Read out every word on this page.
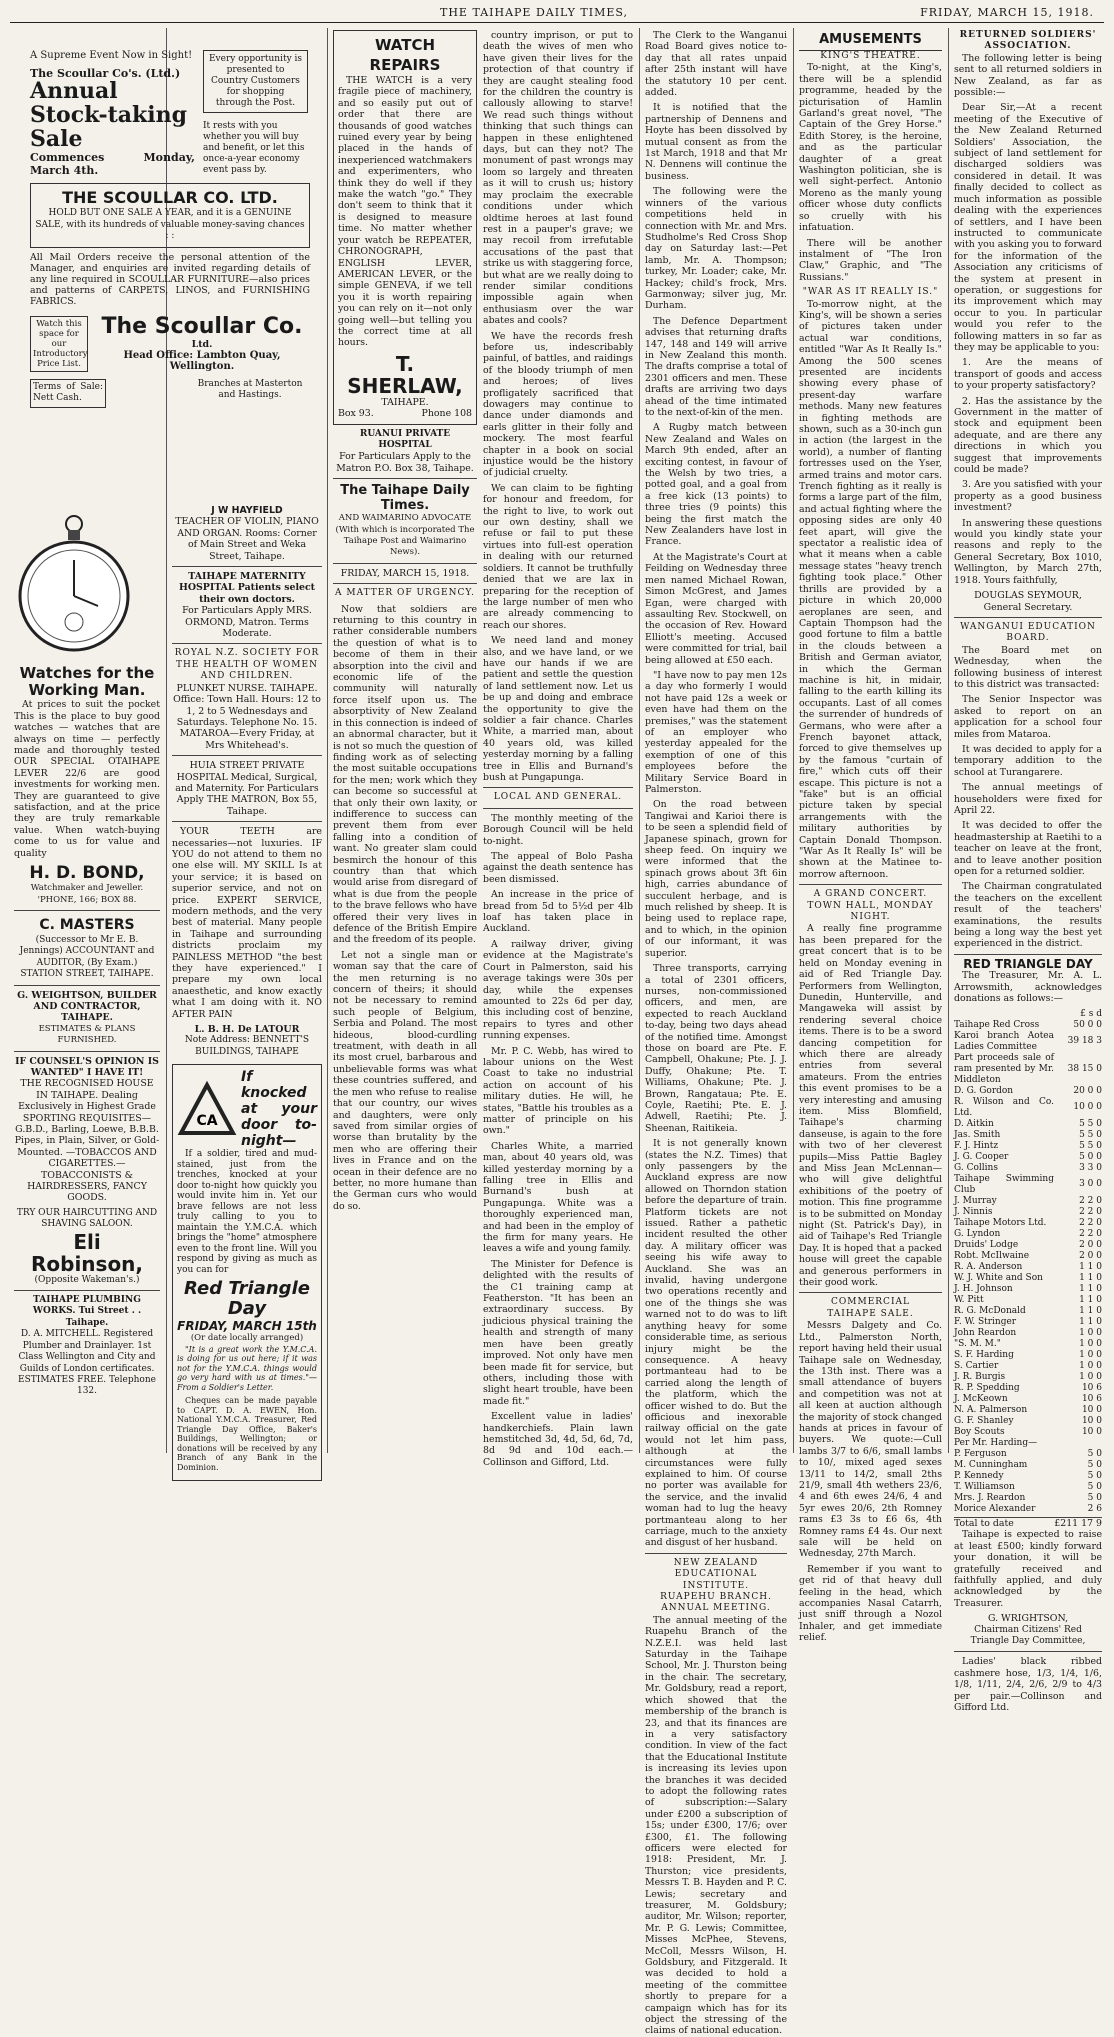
THE TAIHAPE DAILY TIMES,	FRIDAY, MARCH 15, 1918.
A Supreme Event Now in Sight!
The Scoullar Co's. (Ltd.)
Annual
Stock-taking
Sale
Commences Monday, March 4th.
Every opportunity is presented to Country Customers for shopping through the Post.
It rests with you whether you will buy and benefit, or let this once-a-year economy event pass by.
THE SCOULLAR CO. LTD.
HOLD BUT ONE SALE A YEAR, and it is a GENUINE SALE, with its hundreds of valuable money-saving chances : :
All Mail Orders receive the personal attention of the Manager, and enquiries are invited regarding details of any line required in SCOULLAR FURNITURE—also prices and patterns of CARPETS, LINOS, and FURNISHING FABRICS.
Watch this space for our Introductory Price List.
The Scoullar Co.
Ltd.
Head Office: Lambton Quay, Wellington.
Terms of Sale: Nett Cash.
Branches at Masterton and Hastings.
Watches for the Working Man.

At prices to suit the pocket This is the place to buy good watches — watches that are always on time — perfectly made and thoroughly tested OUR SPECIAL OTAIHAPE LEVER 22/6 are good investments for working men. They are guaranteed to give satisfaction, and at the price they are truly remarkable value. When watch-buying come to us for value and quality

H. D. BOND,
Watchmaker and Jeweller. 'PHONE, 166; BOX 88.
C. MASTERS
(Successor to Mr E. B. Jennings) ACCOUNTANT and AUDITOR, (By Exam.) STATION STREET, TAIHAPE.
G. WEIGHTSON, BUILDER AND CONTRACTOR, TAIHAPE.
ESTIMATES & PLANS FURNISHED.
IF COUNSEL'S OPINION IS WANTED" I HAVE IT!

THE RECOGNISED HOUSE IN TAIHAPE. Dealing Exclusively in Highest Grade SPORTING REQUISITES— G.B.D., Barling, Loewe, B.B.B. Pipes, in Plain, Silver, or Gold-Mounted. —TOBACCOS AND CIGARETTES.— TOBACCONISTS & HAIRDRESSERS, FANCY GOODS.

TRY OUR HAIRCUTTING AND SHAVING SALOON.
Eli Robinson,
(Opposite Wakeman's.)
TAIHAPE PLUMBING WORKS. Tui Street . . Taihape.
D. A. MITCHELL. Registered Plumber and Drainlayer. 1st Class Wellington and City and Guilds of London certificates. ESTIMATES FREE. Telephone 132.
J W HAYFIELD

TEACHER OF VIOLIN, PIANO AND ORGAN. Rooms: Corner of Main Street and Weka Street, Taihape.

TAIHAPE MATERNITY HOSPITAL Patients select their own doctors.

For Particulars Apply MRS. ORMOND, Matron. Terms Moderate.

ROYAL N.Z. SOCIETY FOR THE HEALTH OF WOMEN AND CHILDREN.

PLUNKET NURSE. TAIHAPE. Office: Town Hall. Hours: 12 to 1, 2 to 5 Wednesdays and Saturdays. Telephone No. 15. MATAROA—Every Friday, at Mrs Whitehead's.

HUIA STREET PRIVATE HOSPITAL Medical, Surgical, and Maternity. For Particulars Apply THE MATRON, Box 55, Taihape.

YOUR TEETH are necessaries—not luxuries. IF YOU do not attend to them no one else will. MY SKILL Is at your service; it is based on superior service, and not on price. EXPERT SERVICE, modern methods, and the very best of material. Many people in Taihape and surrounding districts proclaim my PAINLESS METHOD "the best they have experienced." I prepare my own local anaesthetic, and know exactly what I am doing with it. NO AFTER PAIN

L. B. H. De LATOUR
Note Address: BENNETT'S BUILDINGS, TAIHAPE
CA
If knocked at your door to-night—

If a soldier, tired and mud-stained, just from the trenches, knocked at your door to-night how quickly you would invite him in. Yet our brave fellows are not less truly calling to you to maintain the Y.M.C.A. which brings the "home" atmosphere even to the front line. Will you respond by giving as much as you can for

Red Triangle Day
FRIDAY, MARCH 15th
(Or date locally arranged)

"It is a great work the Y.M.C.A. is doing for us out here; if it was not for the Y.M.C.A. things would go very hard with us at times."—From a Soldier's Letter.

Cheques can be made payable to CAPT. D. A. EWEN, Hon. National Y.M.C.A. Treasurer, Red Triangle Day Office, Baker's Buildings, Wellington; or donations will be received by any Branch of any Bank in the Dominion.

WATCH REPAIRS

THE WATCH is a very fragile piece of machinery, and so easily put out of order that there are thousands of good watches ruined every year by being placed in the hands of inexperienced watchmakers and experimenters, who think they do well if they make the watch "go." They don't seem to think that it is designed to measure time. No matter whether your watch be REPEATER, CHRONOGRAPH, ENGLISH LEVER, AMERICAN LEVER, or the simple GENEVA, if we tell you it is worth repairing you can rely on it—not only going well—but telling you the correct time at all hours.

T. SHERLAW,
TAIHAPE.
Box 93.	Phone 108
RUANUI PRIVATE HOSPITAL

For Particulars Apply to the Matron P.O. Box 38, Taihape.

The Taihape Daily Times.

AND WAIMARINO ADVOCATE (With which is incorporated The Taihape Post and Waimarino News).

FRIDAY, MARCH 15, 1918.
A MATTER OF URGENCY.

Now that soldiers are returning to this country in rather considerable numbers the question of what is to become of them in their absorption into the civil and economic life of the community will naturally force itself upon us. The absorptivity of New Zealand in this connection is indeed of an abnormal character, but it is not so much the question of finding work as of selecting the most suitable occupations for the men; work which they can become so successful at that only their own laxity, or indifference to success can prevent them from ever falling into a condition of want. No greater slam could besmirch the honour of this country than that which would arise from disregard of what is due from the people to the brave fellows who have offered their very lives in defence of the British Empire and the freedom of its people.

Let not a single man or woman say that the care of the men returning is no concern of theirs; it should not be necessary to remind such people of Belgium, Serbia and Poland. The most hideous, blood-curdling treatment, with death in all its most cruel, barbarous and unbelievable forms was what these countries suffered, and the men who refuse to realise that our country, our wives and daughters, were only saved from similar orgies of worse than brutality by the men who are offering their lives in France and on the ocean in their defence are no better, no more humane than the German curs who would do so.

country imprison, or put to death the wives of men who have given their lives for the protection of that country if they are caught stealing food for the children the country is callously allowing to starve! We read such things without thinking that such things can happen in these enlightened days, but can they not? The monument of past wrongs may loom so largely and threaten as it will to crush us; history may proclaim the execrable conditions under which oldtime heroes at last found rest in a pauper's grave; we may recoil from irrefutable accusations of the past that strike us with staggering force, but what are we really doing to render similar conditions impossible again when enthusiasm over the war abates and cools?

We have the records fresh before us, indescribably painful, of battles, and raidings of the bloody triumph of men and heroes; of lives profligately sacrificed that dowagers may continue to dance under diamonds and earls glitter in their folly and mockery. The most fearful chapter in a book on social injustice would be the history of judicial cruelty.

We can claim to be fighting for honour and freedom, for the right to live, to work out our own destiny, shall we refuse or fail to put these virtues into full-est operation in dealing with our returned soldiers. It cannot be truthfully denied that we are lax in preparing for the reception of the large number of men who are already commencing to reach our shores.

We need land and money also, and we have land, or we have our hands if we are patient and settle the question of land settlement now. Let us be up and doing and embrace the opportunity to give the soldier a fair chance. Charles White, a married man, about 40 years old, was killed yesterday morning by a falling tree in Ellis and Burnand's bush at Pungapunga.

LOCAL AND GENERAL.

The monthly meeting of the Borough Council will be held to-night.

The appeal of Bolo Pasha against the death sentence has been dismissed.

An increase in the price of bread from 5d to 5½d per 4lb loaf has taken place in Auckland.

A railway driver, giving evidence at the Magistrate's Court in Palmerston, said his average takings were 30s per day, while the expenses amounted to 22s 6d per day, this including cost of benzine, repairs to tyres and other running expenses.

Mr. P. C. Webb, has wired to labour unions on the West Coast to take no industrial action on account of his military duties. He will, he states, "Battle his troubles as a matter of principle on his own."

Charles White, a married man, about 40 years old, was killed yesterday morning by a falling tree in Ellis and Burnand's bush at Pungapunga. White was a thoroughly experienced man, and had been in the employ of the firm for many years. He leaves a wife and young family.

The Minister for Defence is delighted with the results of the C1 training camp at Featherston. "It has been an extraordinary success. By judicious physical training the health and strength of many men have been greatly improved. Not only have men been made fit for service, but others, including those with slight heart trouble, have been made fit."

Excellent value in ladies' handkerchiefs. Plain lawn hemstitched 3d, 4d, 5d, 6d, 7d, 8d 9d and 10d each.—Collinson and Gifford, Ltd.

The Clerk to the Wanganui Road Board gives notice to-day that all rates unpaid after 25th instant will have the statutory 10 per cent. added.

It is notified that the partnership of Dennens and Hoyte has been dissolved by mutual consent as from the 1st March, 1918 and that Mr N. Dennens will continue the business.

The following were the winners of the various competitions held in connection with Mr. and Mrs. Studholme's Red Cross Shop day on Saturday last:—Pet lamb, Mr. A. Thompson; turkey, Mr. Loader; cake, Mr. Hackey; child's frock, Mrs. Garmonway; silver jug, Mr. Durham.

The Defence Department advises that returning drafts 147, 148 and 149 will arrive in New Zealand this month. The drafts comprise a total of 2301 officers and men. These drafts are arriving two days ahead of the time intimated to the next-of-kin of the men.

A Rugby match between New Zealand and Wales on March 9th ended, after an exciting contest, in favour of the Welsh by two tries, a potted goal, and a goal from a free kick (13 points) to three tries (9 points) this being the first match the New Zealanders have lost in France.

At the Magistrate's Court at Feilding on Wednesday three men named Michael Rowan, Simon McGrest, and James Egan, were charged with assaulting Rev. Stockwell, on the occasion of Rev. Howard Elliott's meeting. Accused were committed for trial, bail being allowed at £50 each.

"I have now to pay men 12s a day who formerly I would not have paid 12s a week or even have had them on the premises," was the statement of an employer who yesterday appealed for the exemption of one of this employees before the Military Service Board in Palmerston.

On the road between Tangiwai and Karioi there is to be seen a splendid field of Japanese spinach, grown for sheep feed. On inquiry we were informed that the spinach grows about 3ft 6in high, carries abundance of succulent herbage, and is much relished by sheep. It is being used to replace rape, and to which, in the opinion of our informant, it was superior.

Three transports, carrying a total of 2301 officers, nurses, non-commissioned officers, and men, are expected to reach Auckland to-day, being two days ahead of the notified time. Amongst those on board are Pte. F. Campbell, Ohakune; Pte. J. J. Duffy, Ohakune; Pte. T. Williams, Ohakune; Pte. J. Brown, Rangataua; Pte. E. Coyle, Raetihi; Pte. E. J. Adwell, Raetihi; Pte. J. Sheenan, Raitikeia.

It is not generally known (states the N.Z. Times) that only passengers by the Auckland express are now allowed on Thorndon station before the departure of train. Platform tickets are not issued. Rather a pathetic incident resulted the other day. A military officer was seeing his wife away to Auckland. She was an invalid, having undergone two operations recently and one of the things she was warned not to do was to lift anything heavy for some considerable time, as serious injury might be the consequence. A heavy portmanteau had to be carried along the length of the platform, which the officer wished to do. But the officious and inexorable railway official on the gate would not let him pass, although at the circumstances were fully explained to him. Of course no porter was available for the service, and the invalid woman had to lug the heavy portmanteau along to her carriage, much to the anxiety and disgust of her husband.

NEW ZEALAND EDUCATIONAL INSTITUTE.
RUAPEHU BRANCH.
ANNUAL MEETING.

The annual meeting of the Ruapehu Branch of the N.Z.E.I. was held last Saturday in the Taihape School, Mr. J. Thurston being in the chair. The secretary, Mr. Goldsbury, read a report, which showed that the membership of the branch is 23, and that its finances are in a very satisfactory condition. In view of the fact that the Educational Institute is increasing its levies upon the branches it was decided to adopt the following rates of subscription:—Salary under £200 a subscription of 15s; under £300, 17/6; over £300, £1. The following officers were elected for 1918: President, Mr. J. Thurston; vice presidents, Messrs T. B. Hayden and P. C. Lewis; secretary and treasurer, M. Goldsbury; auditor, Mr. Wilson; reporter, Mr. P. G. Lewis; Committee, Misses McPhee, Stevens, McColl, Messrs Wilson, H. Goldsbury, and Fitzgerald. It was decided to hold a meeting of the committee shortly to prepare for a campaign which has for its object the stressing of the claims of national education.

AMUSEMENTS
KING'S THEATRE.

To-night, at the King's, there will be a splendid programme, headed by the picturisation of Hamlin Garland's great novel, "The Captain of the Grey Horse." Edith Storey, is the heroine, and as the particular daughter of a great Washington politician, she is well sight-perfect. Antonio Moreno as the manly young officer whose duty conflicts so cruelly with his infatuation.

There will be another instalment of "The Iron Claw," Graphic, and "The Russians."

"WAR AS IT REALLY IS."

To-morrow night, at the King's, will be shown a series of pictures taken under actual war conditions, entitled "War As It Really Is." Among the 500 scenes presented are incidents showing every phase of present-day warfare methods. Many new features in fighting methods are shown, such as a 30-inch gun in action (the largest in the world), a number of flanting fortresses used on the Yser, armed trains and motor cars. Trench fighting as it really is forms a large part of the film, and actual fighting where the opposing sides are only 40 feet apart, will give the spectator a realistic idea of what it means when a cable message states "heavy trench fighting took place." Other thrills are provided by a picture in which 20,000 aeroplanes are seen, and Captain Thompson had the good fortune to film a battle in the clouds between a British and German aviator, in which the German machine is hit, in midair, falling to the earth killing its occupants. Last of all comes the surrender of hundreds of Germans, who were after a French bayonet attack, forced to give themselves up by the famous "curtain of fire," which cuts off their escape. This picture is not a "fake" but is an official picture taken by special arrangements with the military authorities by Captain Donald Thompson. "War As It Really Is" will be shown at the Matinee to-morrow afternoon.

A GRAND CONCERT.
TOWN HALL, MONDAY NIGHT.

A really fine programme has been prepared for the great concert that is to be held on Monday evening in aid of Red Triangle Day. Performers from Wellington, Dunedin, Hunterville, and Mangaweka will assist by rendering several choice items. There is to be a sword dancing competition for which there are already entries from several amateurs. From the entries this event promises to be a very interesting and amusing item. Miss Blomfield, Taihape's charming danseuse, is again to the fore with two of her cleverest pupils—Miss Pattie Bagley and Miss Jean McLennan—who will give delightful exhibitions of the poetry of motion. This fine programme is to be submitted on Monday night (St. Patrick's Day), in aid of Taihape's Red Triangle Day. It is hoped that a packed house will greet the capable and generous performers in their good work.

COMMERCIAL
TAIHAPE SALE.

Messrs Dalgety and Co. Ltd., Palmerston North, report having held their usual Taihape sale on Wednesday, the 13th inst. There was a small attendance of buyers and competition was not at all keen at auction although the majority of stock changed hands at prices in favour of buyers. We quote:—Cull lambs 3/7 to 6/6, small lambs to 10/, mixed aged sexes 13/11 to 14/2, small 2ths 21/9, small 4th wethers 23/6, 4 and 6th ewes 24/6, 4 and 5yr ewes 20/6, 2th Romney rams £3 3s to £6 6s, 4th Romney rams £4 4s. Our next sale will be held on Wednesday, 27th March.

Remember if you want to get rid of that heavy dull feeling in the head, which accompanies Nasal Catarrh, just sniff through a Nozol Inhaler, and get immediate relief.

RETURNED SOLDIERS' ASSOCIATION.

The following letter is being sent to all returned soldiers in New Zealand, as far as possible:—

Dear Sir,—At a recent meeting of the Executive of the New Zealand Returned Soldiers' Association, the subject of land settlement for discharged soldiers was considered in detail. It was finally decided to collect as much information as possible dealing with the experiences of settlers, and I have been instructed to communicate with you asking you to forward for the information of the Association any criticisms of the system at present in operation, or suggestions for its improvement which may occur to you. In particular would you refer to the following matters in so far as they may be applicable to you:

1. Are the means of transport of goods and access to your property satisfactory?

2. Has the assistance by the Government in the matter of stock and equipment been adequate, and are there any directions in which you suggest that improvements could be made?

3. Are you satisfied with your property as a good business investment?

In answering these questions would you kindly state your reasons and reply to the General Secretary, Box 1010, Wellington, by March 27th, 1918. Yours faithfully,

DOUGLAS SEYMOUR,
General Secretary.
WANGANUI EDUCATION BOARD.

The Board met on Wednesday, when the following business of interest to this district was transacted:

The Senior Inspector was asked to report on an application for a school four miles from Mataroa.

It was decided to apply for a temporary addition to the school at Turangarere.

The annual meetings of householders were fixed for April 22.

It was decided to offer the headmastership at Raetihi to a teacher on leave at the front, and to leave another position open for a returned soldier.

The Chairman congratulated the teachers on the excellent result of the teachers' examinations, the results being a long way the best yet experienced in the district.

RED TRIANGLE DAY

The Treasurer, Mr. A. L. Arrowsmith, acknowledges donations as follows:—

£ s d
Taihape Red Cross	50 0 0
Karoi branch Aotea Ladies Committee	39 18 3
Part proceeds sale of ram presented by Mr. Middleton	38 15 0
D. G. Gordon	20 0 0
R. Wilson and Co. Ltd.	10 0 0
D. Aitkin	5 5 0
Jas. Smith	5 5 0
F. J. Hintz	5 5 0
J. G. Cooper	5 0 0
G. Collins	3 3 0
Taihape Swimming Club	3 0 0
J. Murray	2 2 0
J. Ninnis	2 2 0
Taihape Motors Ltd.	2 2 0
G. Lyndon	2 2 0
Druids' Lodge	2 0 0
Robt. McIlwaine	2 0 0
R. A. Anderson	1 1 0
W. J. White and Son	1 1 0
J. H. Johnson	1 1 0
W. Pitt	1 1 0
R. G. McDonald	1 1 0
F. W. Stringer	1 1 0
John Reardon	1 0 0
"S. M. M."	1 0 0
S. F. Harding	1 0 0
S. Cartier	1 0 0
J. R. Burgis	1 0 0
R. P. Spedding	10 6
J. McKeown	10 6
N. A. Palmerson	10 0
G. F. Shanley	10 0
Boy Scouts	10 0
Per Mr. Harding—	
P. Ferguson	5 0
M. Cunningham	5 0
P. Kennedy	5 0
T. Williamson	5 0
Mrs. J. Reardon	5 0
Morice Alexander	2 6
Total to date	£211 17 9

Taihape is expected to raise at least £500; kindly forward your donation, it will be gratefully received and faithfully applied, and duly acknowledged by the Treasurer.

G. WRIGHTSON,
Chairman Citizens' Red Triangle Day Committee,

Ladies' black ribbed cashmere hose, 1/3, 1/4, 1/6, 1/8, 1/11, 2/4, 2/6, 2/9 to 4/3 per pair.—Collinson and Gifford Ltd.
